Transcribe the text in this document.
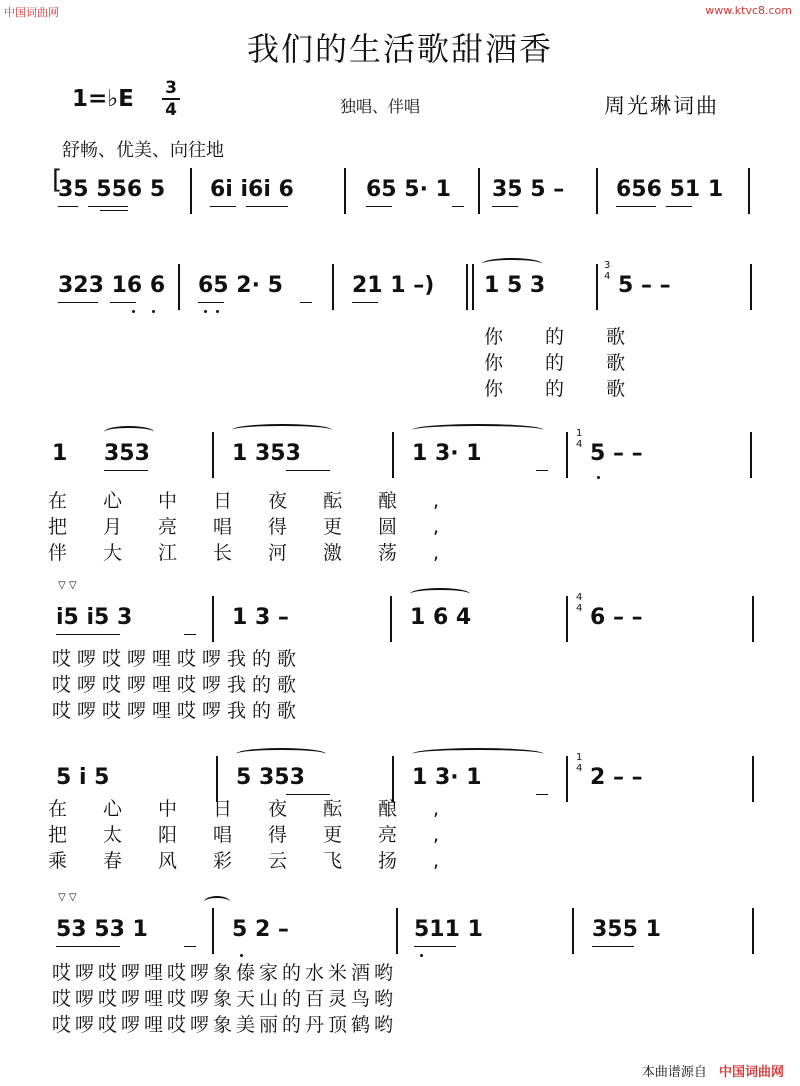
中国词曲网	www.ktvc8.com
我们的生活歌甜酒香
1=♭E 3
4	独唱、伴唱	周光琳词曲
舒畅、优美、向往地
[
35 556 5 6i i6i 6	65 5· 1 35 5 – 656 51 1
323 16 6 65 2· 5	21 1 –) 1 5 3
3
4 5 – –
你 的 歌
你 的 歌
你 的 歌
1 353	1 353	1 3· 1
1
4 5 – –
在心中日夜酝酿,
把月亮唱得更圆,
伴大江长河激荡,
▽ ▽
i5 i5 3	1 3 –	1 6 4
4
4 6 – –
哎啰哎啰哩哎啰我的歌
哎啰哎啰哩哎啰我的歌
哎啰哎啰哩哎啰我的歌
5 i 5	5 353	1 3· 1
1
4 2 – –
在心中日夜酝酿,
把太阳唱得更亮,
乘春风彩云飞扬,
▽ ▽
53 53 1	5 2 –	511 1	355 1
哎啰哎啰哩哎啰象傣家的水米酒哟
哎啰哎啰哩哎啰象天山的百灵鸟哟
哎啰哎啰哩哎啰象美丽的丹顶鹤哟
本曲谱源自 中国词曲网
